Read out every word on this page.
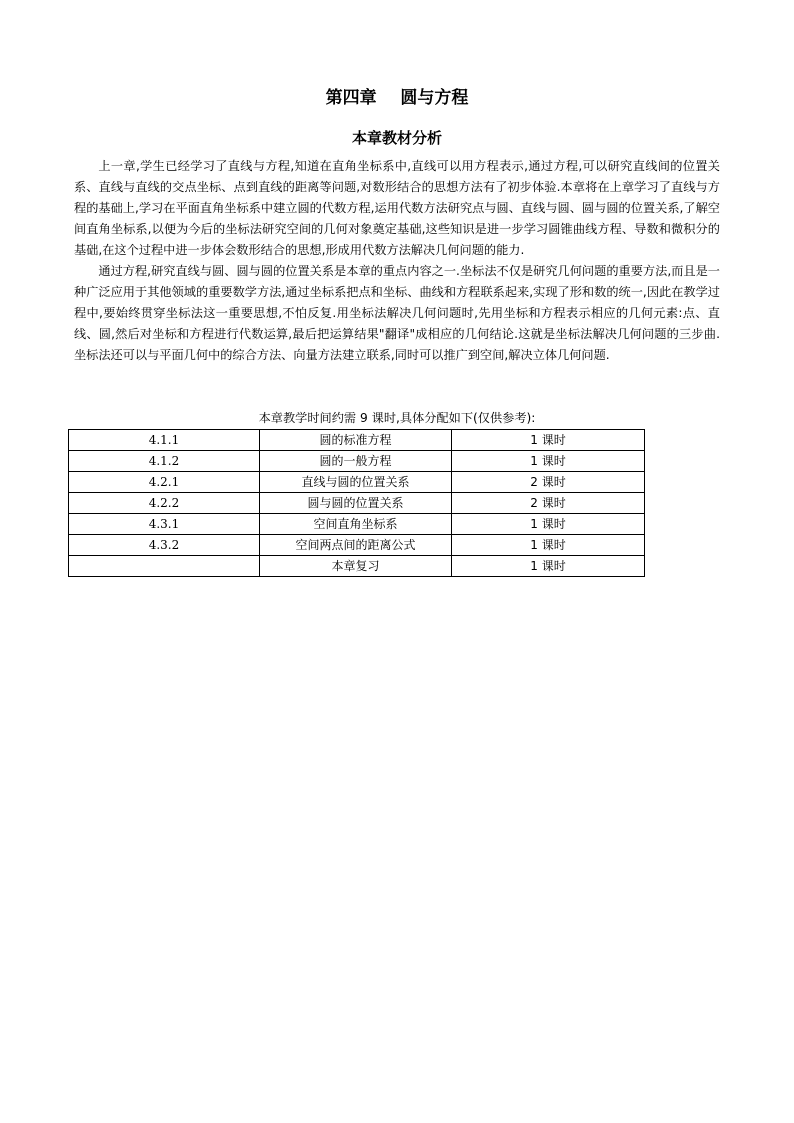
第四章    圆与方程
本章教材分析

上一章,学生已经学习了直线与方程,知道在直角坐标系中,直线可以用方程表示,通过方程,可以研究直线间的位置关系、直线与直线的交点坐标、点到直线的距离等问题,对数形结合的思想方法有了初步体验.本章将在上章学习了直线与方程的基础上,学习在平面直角坐标系中建立圆的代数方程,运用代数方法研究点与圆、直线与圆、圆与圆的位置关系,了解空间直角坐标系,以便为今后的坐标法研究空间的几何对象奠定基础,这些知识是进一步学习圆锥曲线方程、导数和微积分的基础,在这个过程中进一步体会数形结合的思想,形成用代数方法解决几何问题的能力.

通过方程,研究直线与圆、圆与圆的位置关系是本章的重点内容之一.坐标法不仅是研究几何问题的重要方法,而且是一种广泛应用于其他领域的重要数学方法,通过坐标系把点和坐标、曲线和方程联系起来,实现了形和数的统一,因此在教学过程中,要始终贯穿坐标法这一重要思想,不怕反复.用坐标法解决几何问题时,先用坐标和方程表示相应的几何元素:点、直线、圆,然后对坐标和方程进行代数运算,最后把运算结果"翻译"成相应的几何结论.这就是坐标法解决几何问题的三步曲.坐标法还可以与平面几何中的综合方法、向量方法建立联系,同时可以推广到空间,解决立体几何问题.

本章教学时间约需 9 课时,具体分配如下(仅供参考):
4.1.1	圆的标准方程	1 课时
4.1.2	圆的一般方程	1 课时
4.2.1	直线与圆的位置关系	2 课时
4.2.2	圆与圆的位置关系	2 课时
4.3.1	空间直角坐标系	1 课时
4.3.2	空间两点间的距离公式	1 课时
	本章复习	1 课时
